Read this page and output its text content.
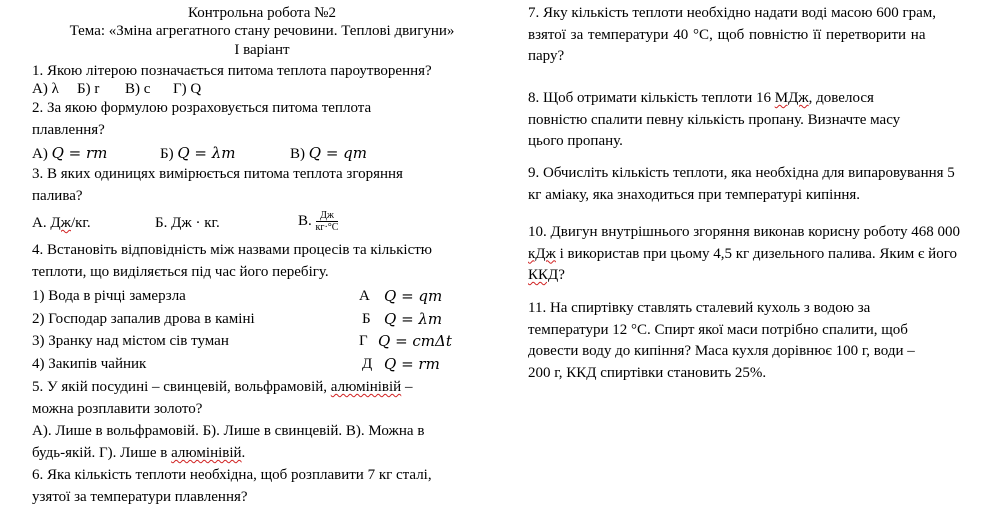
Контрольна робота №2
Тема: «Зміна агрегатного стану речовини. Теплові двигуни»
І варіант
1. Якою літерою позначається питома теплота пароутворення?
А) λ Б) r В) c Г) Q
2. За якою формулою розраховується питома теплота
плавлення?
А) Q = rm	Б) Q = λm	В) Q = qm
3. В яких одиницях вимірюється питома теплота згоряння
палива?
А. Дж/кг.	Б. Дж · кг.	В. $\frac{Дж}{кг\cdot^\circ С}$
4. Встановіть відповідність між назвами процесів та кількістю
теплоти, що виділяється під час його перебігу.
1) Вода в річці замерзла	А Q = qm
2) Господар запалив дрова в каміні	Б Q = λm
3) Зранку над містом сів туман	Г Q = cmΔt
4) Закипів чайник	Д Q = rm
5. У якій посудині – свинцевій, вольфрамовій, алюмінівій –
можна розплавити золото?
А). Лише в вольфрамовій. Б). Лише в свинцевій. В). Можна в
будь-якій. Г). Лише в алюмінівій.
6. Яка кількість теплоти необхідна, щоб розплавити 7 кг сталі,
узятої за температури плавлення?
7. Яку кількість теплоти необхідно надати воді масою 600 грам,
взятої за температури 40 °С, щоб повністю її перетворити на
пару?
8. Щоб отримати кількість теплоти 16 МДж, довелося
повністю спалити певну кількість пропану. Визначте масу
цього пропану.
9. Обчисліть кількість теплоти, яка необхідна для випаровування 5
кг аміаку, яка знаходиться при температурі кипіння.
10. Двигун внутрішнього згоряння виконав корисну роботу 468 000
кДж і використав при цьому 4,5 кг дизельного палива. Яким є його
ККД?
11. На спиртівку ставлять сталевий кухоль з водою за
температури 12 °С. Спирт якої маси потрібно спалити, щоб
довести воду до кипіння? Маса кухля дорівнює 100 г, води –
200 г, ККД спиртівки становить 25%.
